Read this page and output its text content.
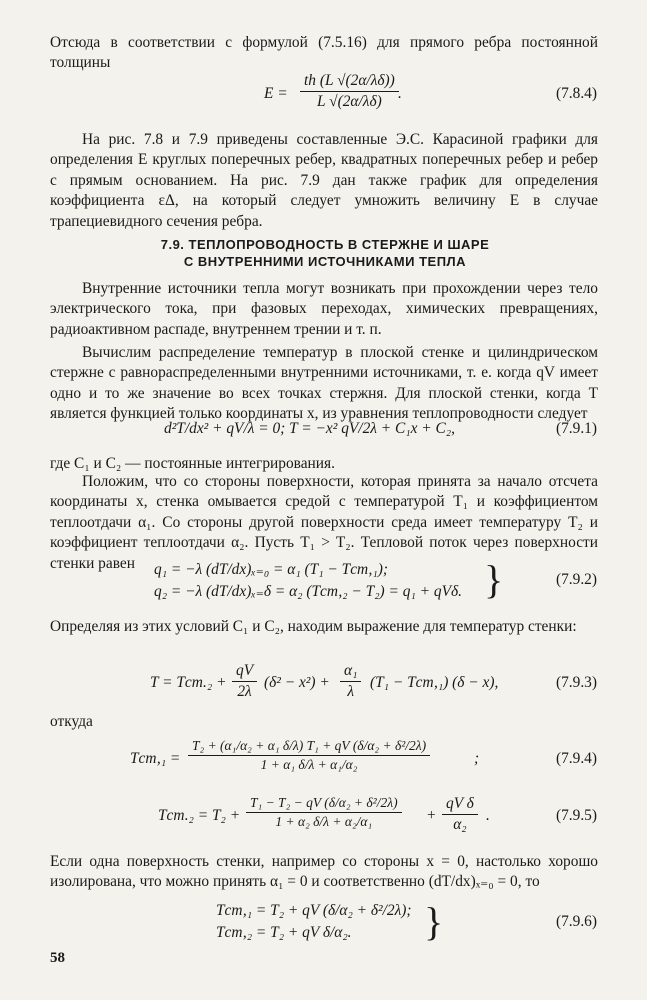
Отсюда в соответствии с формулой (7.5.16) для прямого ребра постоянной толщины
$E = \frac{th (L √(2\alpha/\lambda\delta))}{L √(2\alpha/\lambda\delta)}$ .	(7.8.4)
На рис. 7.8 и 7.9 приведены составленные Э.С. Карасиной графики для определения E круглых поперечных ребер, квадратных поперечных ребер и ребер с прямым основанием. На рис. 7.9 дан также график для определения коэффициента εΔ, на который следует умножить величину E в случае трапециевидного сечения ребра.
7.9. ТЕПЛОПРОВОДНОСТЬ В СТЕРЖНЕ И ШАРЕ
С ВНУТРЕННИМИ ИСТОЧНИКАМИ ТЕПЛА
Внутренние источники тепла могут возникать при прохождении через тело электрического тока, при фазовых переходах, химических превращениях, радиоактивном распаде, внутреннем трении и т. п.
Вычислим распределение температур в плоской стенке и цилиндрическом стержне с равнораспределенными внутренними источниками, т. е. когда qV имеет одно и то же значение во всех точках стержня. Для плоской стенки, когда T является функцией только координаты x, из уравнения теплопроводности следует
d²T/dx² + qV/λ = 0; T = −x² qV/2λ + C₁x + C₂,	(7.9.1)
где C₁ и C₂ — постоянные интегрирования.
Положим, что со стороны поверхности, которая принята за начало отсчета координаты x, стенка омывается средой с температурой T₁ и коэффициентом теплоотдачи α₁. Со стороны другой поверхности среда имеет температуру T₂ и коэффициент теплоотдачи α₂. Пусть T₁ > T₂. Тепловой поток через поверхности стенки равен	q₁ = −λ (dT/dx)ₓ₌₀ = α₁ (T₁ − Tст,₁);
q₂ = −λ (dT/dx)ₓ₌δ = α₂ (Tст,₂ − T₂) = q₁ + qVδ. }	(7.9.2)
Определяя из этих условий C₁ и C₂, находим выражение для температур стенки:
$T = Tст._2 + \frac{qV}{2\lambda} (\delta^2 - x^2) + \frac{\text{α₁}}{\lambda} (T_1 - Tст,_1) (\delta - x)$,	(7.9.3)
откуда
$Tст,_1 = \frac{\text{T₂ + (α₁/α₂ + α₁ δ/λ) T₁ + qV (δ/α₂ + δ²/2λ)}}{\text{1 + α₁ δ/λ + α₁/α₂}}$	;	(7.9.4)
$Tст._2 = T_2 + \frac{\text{T₁ − T₂ − qV (δ/α₂ + δ²/2λ)}}{\text{1 + α₂ δ/λ + α₂/α₁}} + \frac{\text{qV δ}}{\text{α₂}}$ .	(7.9.5)
Если одна поверхность стенки, например со стороны x = 0, настолько хорошо изолирована, что можно принять α₁ = 0 и соответственно (dT/dx)ₓ₌₀ = 0, то
Tст,₁ = T₂ + qV (δ/α₂ + δ²/2λ);
Tст,₂ = T₂ + qV δ/α₂. }	(7.9.6)
58
